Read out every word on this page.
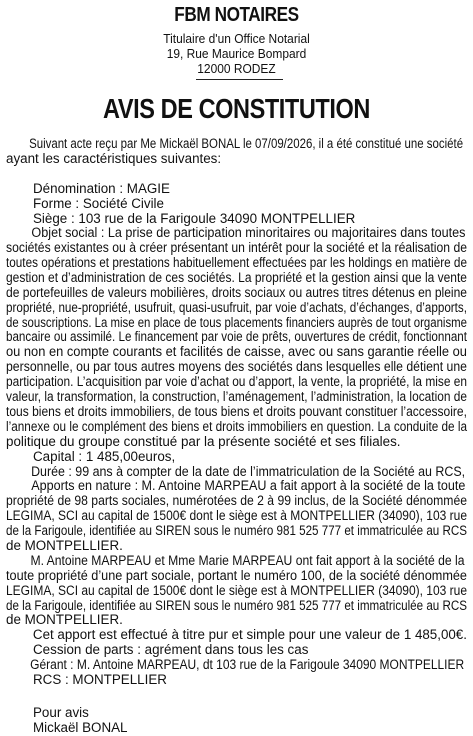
FBM NOTAIRES
Titulaire d'un Office Notarial
19, Rue Maurice Bompard
12000 RODEZ
AVIS DE CONSTITUTION
Suivant acte reçu par Me Mickaël BONAL le 07/09/2026, il a été constitué une société
ayant les caractéristiques suivantes:
Dénomination : MAGIE
Forme : Société Civile
Siège : 103 rue de la Farigoule 34090 MONTPELLIER
Objet social : La prise de participation minoritaires ou majoritaires dans toutes
sociétés existantes ou à créer présentant un intérêt pour la société et la réalisation de
toutes opérations et prestations habituellement effectuées par les holdings en matière de
gestion et d’administration de ces sociétés. La propriété et la gestion ainsi que la vente
de portefeuilles de valeurs mobilières, droits sociaux ou autres titres détenus en pleine
propriété, nue-propriété, usufruit, quasi-usufruit, par voie d’achats, d’échanges, d’apports,
de souscriptions. La mise en place de tous placements financiers auprès de tout organisme
bancaire ou assimilé. Le financement par voie de prêts, ouvertures de crédit, fonctionnant
ou non en compte courants et facilités de caisse, avec ou sans garantie réelle ou
personnelle, ou par tous autres moyens des sociétés dans lesquelles elle détient une
participation. L’acquisition par voie d’achat ou d’apport, la vente, la propriété, la mise en
valeur, la transformation, la construction, l’aménagement, l’administration, la location de
tous biens et droits immobiliers, de tous biens et droits pouvant constituer l’accessoire,
l’annexe ou le complément des biens et droits immobiliers en question. La conduite de la
politique du groupe constitué par la présente société et ses filiales.
Capital : 1 485,00euros,
Durée : 99 ans à compter de la date de l’immatriculation de la Société au RCS,
Apports en nature : M. Antoine MARPEAU a fait apport à la société de la toute
propriété de 98 parts sociales, numérotées de 2 à 99 inclus, de la Société dénommée
LEGIMA, SCI au capital de 1500€ dont le siège est à MONTPELLIER (34090), 103 rue
de la Farigoule, identifiée au SIREN sous le numéro 981 525 777 et immatriculée au RCS
de MONTPELLIER.
M. Antoine MARPEAU et Mme Marie MARPEAU ont fait apport à la société de la
toute propriété d’une part sociale, portant le numéro 100, de la société dénommée
LEGIMA, SCI au capital de 1500€ dont le siège est à MONTPELLIER (34090), 103 rue
de la Farigoule, identifiée au SIREN sous le numéro 981 525 777 et immatriculée au RCS
de MONTPELLIER.
Cet apport est effectué à titre pur et simple pour une valeur de 1 485,00€.
Cession de parts : agrément dans tous les cas
Gérant : M. Antoine MARPEAU, dt 103 rue de la Farigoule 34090 MONTPELLIER
RCS : MONTPELLIER
Pour avis
Mickaël BONAL
